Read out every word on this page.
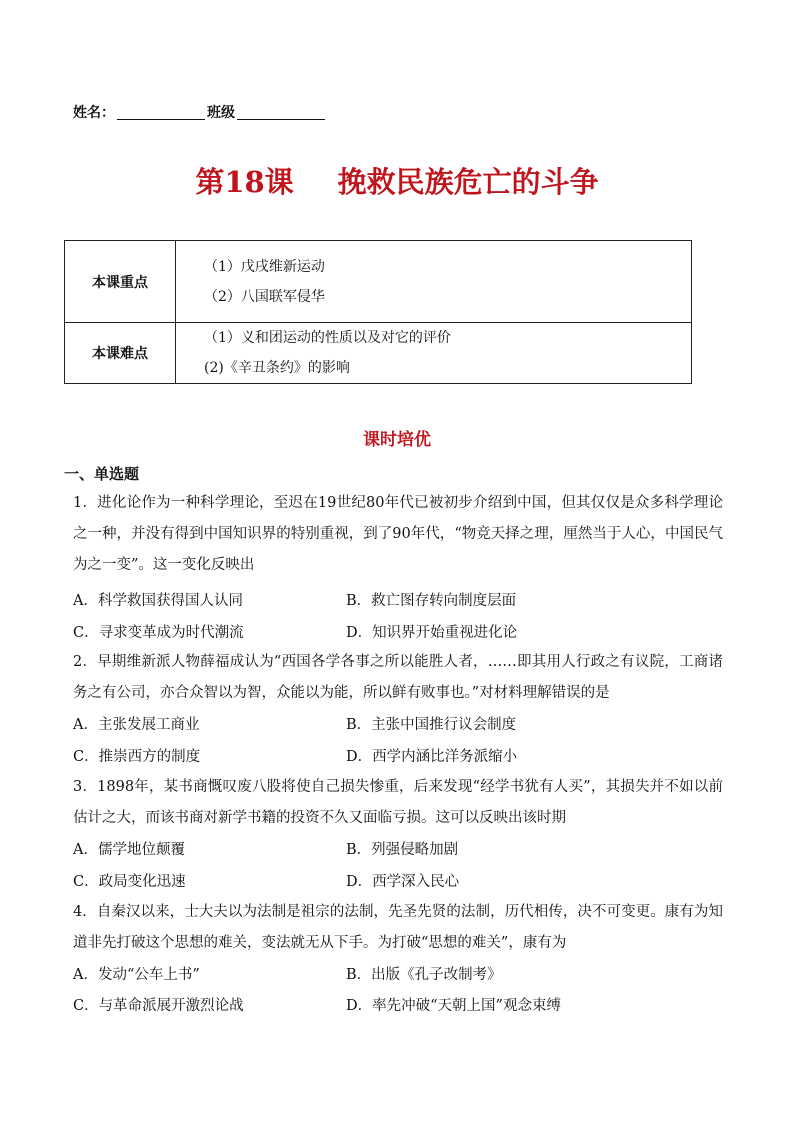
姓名：	班级
第18课 挽救民族危亡的斗争
本课重点	（1）戊戌维新运动
（2）八国联军侵华

本课难点	（1）义和团运动的性质以及对它的评价
(2)《辛丑条约》的影响
课时培优
一、单选题
1．进化论作为一种科学理论，至迟在19世纪80年代已被初步介绍到中国，但其仅仅是众多科学理论之一种，并没有得到中国知识界的特别重视，到了90年代，“物竞天择之理，厘然当于人心，中国民气为之一变”。这一变化反映出
A．科学救国获得国人认同	B．救亡图存转向制度层面
C．寻求变革成为时代潮流	D．知识界开始重视进化论
2．早期维新派人物薛福成认为“西国各学各事之所以能胜人者，……即其用人行政之有议院，工商诸务之有公司，亦合众智以为智，众能以为能，所以鲜有败事也。”对材料理解错误的是
A．主张发展工商业	B．主张中国推行议会制度
C．推崇西方的制度	D．西学内涵比洋务派缩小
3．1898年，某书商慨叹废八股将使自己损失惨重，后来发现“经学书犹有人买”，其损失并不如以前估计之大，而该书商对新学书籍的投资不久又面临亏损。这可以反映出该时期
A．儒学地位颠覆	B．列强侵略加剧
C．政局变化迅速	D．西学深入民心
4．自秦汉以来，士大夫以为法制是祖宗的法制，先圣先贤的法制，历代相传，决不可变更。康有为知道非先打破这个思想的难关，变法就无从下手。为打破“思想的难关”，康有为
A．发动“公车上书”	B．出版《孔子改制考》
C．与革命派展开激烈论战	D．率先冲破“天朝上国”观念束缚
